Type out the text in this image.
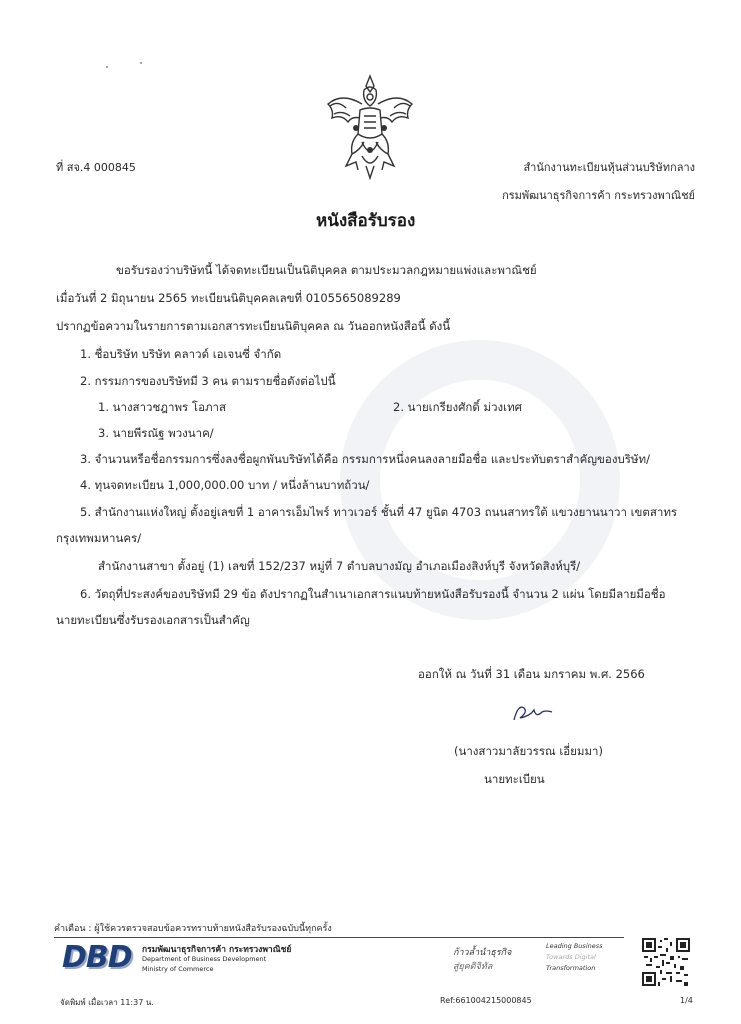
ที่ สจ.4 000845	สำนักงานทะเบียนหุ้นส่วนบริษัทกลาง
กรมพัฒนาธุรกิจการค้า กระทรวงพาณิชย์
หนังสือรับรอง
ขอรับรองว่าบริษัทนี้ ได้จดทะเบียนเป็นนิติบุคคล ตามประมวลกฎหมายแพ่งและพาณิชย์
เมื่อวันที่ 2 มิถุนายน 2565 ทะเบียนนิติบุคคลเลขที่ 0105565089289
ปรากฏข้อความในรายการตามเอกสารทะเบียนนิติบุคคล ณ วันออกหนังสือนี้ ดังนี้
1. ชื่อบริษัท บริษัท คลาวด์ เอเจนซี่ จำกัด
2. กรรมการของบริษัทมี 3 คน ตามรายชื่อดังต่อไปนี้
1. นางสาวชฎาพร โอภาส	2. นายเกรียงศักดิ์ ม่วงเทศ
3. นายพีรณัฐ พวงนาค/
3. จำนวนหรือชื่อกรรมการซึ่งลงชื่อผูกพันบริษัทได้คือ กรรมการหนึ่งคนลงลายมือชื่อ และประทับตราสำคัญของบริษัท/
4. ทุนจดทะเบียน 1,000,000.00 บาท / หนึ่งล้านบาทถ้วน/
5. สำนักงานแห่งใหญ่ ตั้งอยู่เลขที่ 1 อาคารเอ็มไพร์ ทาวเวอร์ ชั้นที่ 47 ยูนิต 4703 ถนนสาทรใต้ แขวงยานนาวา เขตสาทร
กรุงเทพมหานคร/
สำนักงานสาขา ตั้งอยู่ (1) เลขที่ 152/237 หมู่ที่ 7 ตำบลบางมัญ อำเภอเมืองสิงห์บุรี จังหวัดสิงห์บุรี/
6. วัตถุที่ประสงค์ของบริษัทมี 29 ข้อ ดังปรากฏในสำเนาเอกสารแนบท้ายหนังสือรับรองนี้ จำนวน 2 แผ่น โดยมีลายมือชื่อ
นายทะเบียนซึ่งรับรองเอกสารเป็นสำคัญ
ออกให้ ณ วันที่ 31 เดือน มกราคม พ.ศ. 2566
(นางสาวมาลัยวรรณ เอี่ยมมา)
นายทะเบียน
คำเตือน : ผู้ใช้ควรตรวจสอบข้อควรทราบท้ายหนังสือรับรองฉบับนี้ทุกครั้ง
DBD กรมพัฒนาธุรกิจการค้า กระทรวงพาณิชย์
Department of Business Development
Ministry of Commerce
ก้าวล้ำนำธุรกิจ
สู่ยุคดิจิทัล
Leading Business
Towards Digital
Transformation
จัดพิมพ์ เมื่อเวลา 11:37 น.	Ref:661004215000845	1/4
